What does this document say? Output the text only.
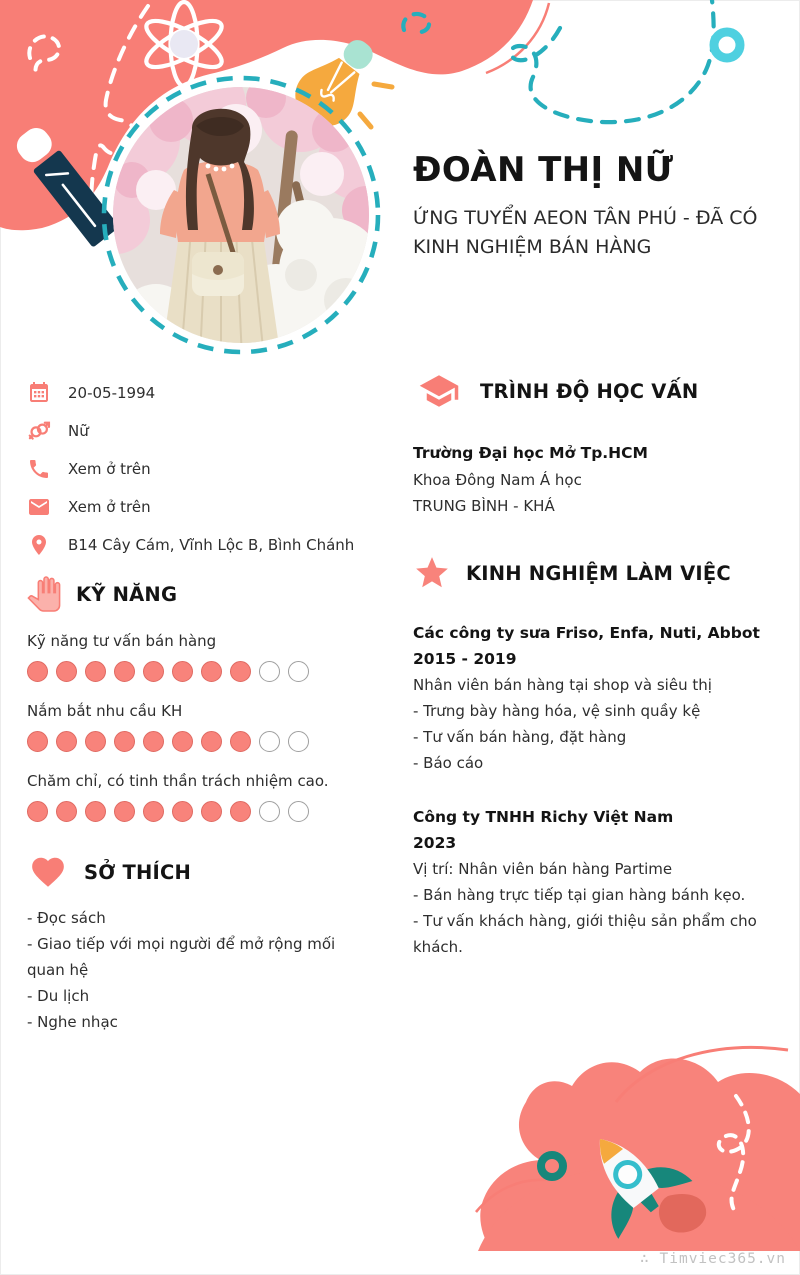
ĐOÀN THỊ NỮ

ỨNG TUYỂN AEON TÂN PHÚ - ĐÃ CÓ KINH NGHIỆM BÁN HÀNG

20-05-1994
Nữ
Xem ở trên
Xem ở trên
B14 Cây Cám, Vĩnh Lộc B, Bình Chánh
KỸ NĂNG
Kỹ năng tư vấn bán hàng
Nắm bắt nhu cầu KH
Chăm chỉ, có tinh thần trách nhiệm cao.
SỞ THÍCH
- Đọc sách
- Giao tiếp với mọi người để mở rộng mối quan hệ
- Du lịch
- Nghe nhạc
TRÌNH ĐỘ HỌC VẤN
Trường Đại học Mở Tp.HCM
Khoa Đông Nam Á học
TRUNG BÌNH - KHÁ
KINH NGHIỆM LÀM VIỆC
Các công ty sưa Friso, Enfa, Nuti, Abbot
2015 - 2019
Nhân viên bán hàng tại shop và siêu thị
- Trưng bày hàng hóa, vệ sinh quầy kệ
- Tư vấn bán hàng, đặt hàng
- Báo cáo
Công ty TNHH Richy Việt Nam
2023
Vị trí: Nhân viên bán hàng Partime
- Bán hàng trực tiếp tại gian hàng bánh kẹo.
- Tư vấn khách hàng, giới thiệu sản phẩm cho khách.
∴ Timviec365.vn
